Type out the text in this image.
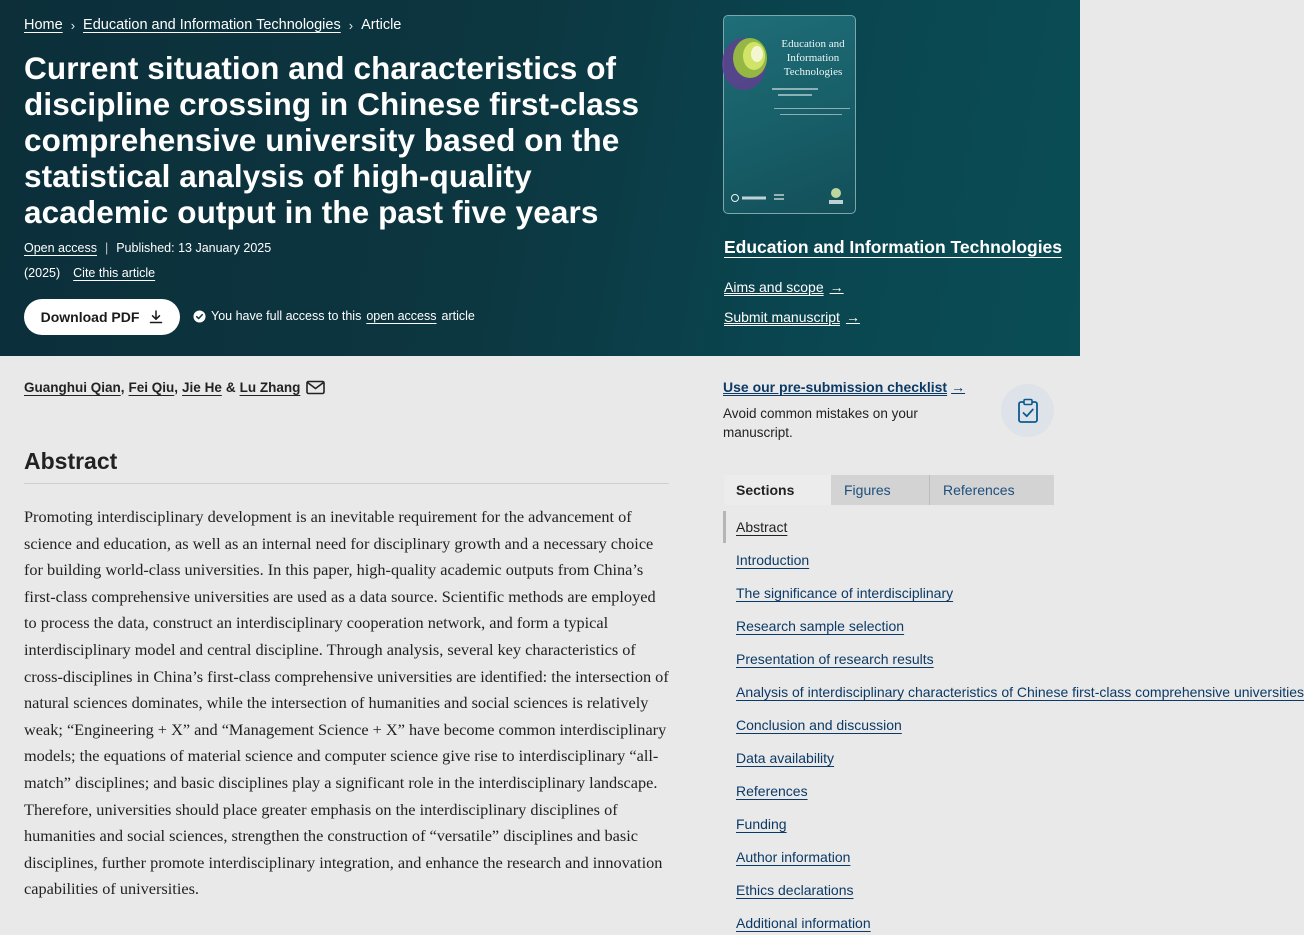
Home › Education and Information Technologies › Article
Current situation and characteristics of discipline crossing in Chinese first-class comprehensive university based on the statistical analysis of high-quality academic output in the past five years
Open access | Published: 13 January 2025
(2025) Cite this article
Download PDF	You have full access to this open access article
Education and
Information
Technologies
Education and Information Technologies
Aims and scope →
Submit manuscript →
Guanghui Qian , Fei Qiu , Jie He & Lu Zhang
Abstract

Promoting interdisciplinary development is an inevitable requirement for the advancement of science and education, as well as an internal need for disciplinary growth and a necessary choice for building world-class universities. In this paper, high-quality academic outputs from China’s first-class comprehensive universities are used as a data source. Scientific methods are employed to process the data, construct an interdisciplinary cooperation network, and form a typical interdisciplinary model and central discipline. Through analysis, several key characteristics of cross-disciplines in China’s first-class comprehensive universities are identified: the intersection of natural sciences dominates, while the intersection of humanities and social sciences is relatively weak; “Engineering + X” and “Management Science + X” have become common interdisciplinary models; the equations of material science and computer science give rise to interdisciplinary “all-match” disciplines; and basic disciplines play a significant role in the interdisciplinary landscape. Therefore, universities should place greater emphasis on the interdisciplinary disciplines of humanities and social sciences, strengthen the construction of “versatile” disciplines and basic disciplines, further promote interdisciplinary integration, and enhance the research and innovation capabilities of universities.

Use our pre-submission checklist →

Avoid common mistakes on your manuscript.

Sections	Figures	References
Abstract
Introduction
The significance of interdisciplinary
Research sample selection
Presentation of research results
Analysis of interdisciplinary characteristics of Chinese first-class comprehensive universities
Conclusion and discussion
Data availability
References
Funding
Author information
Ethics declarations
Additional information
